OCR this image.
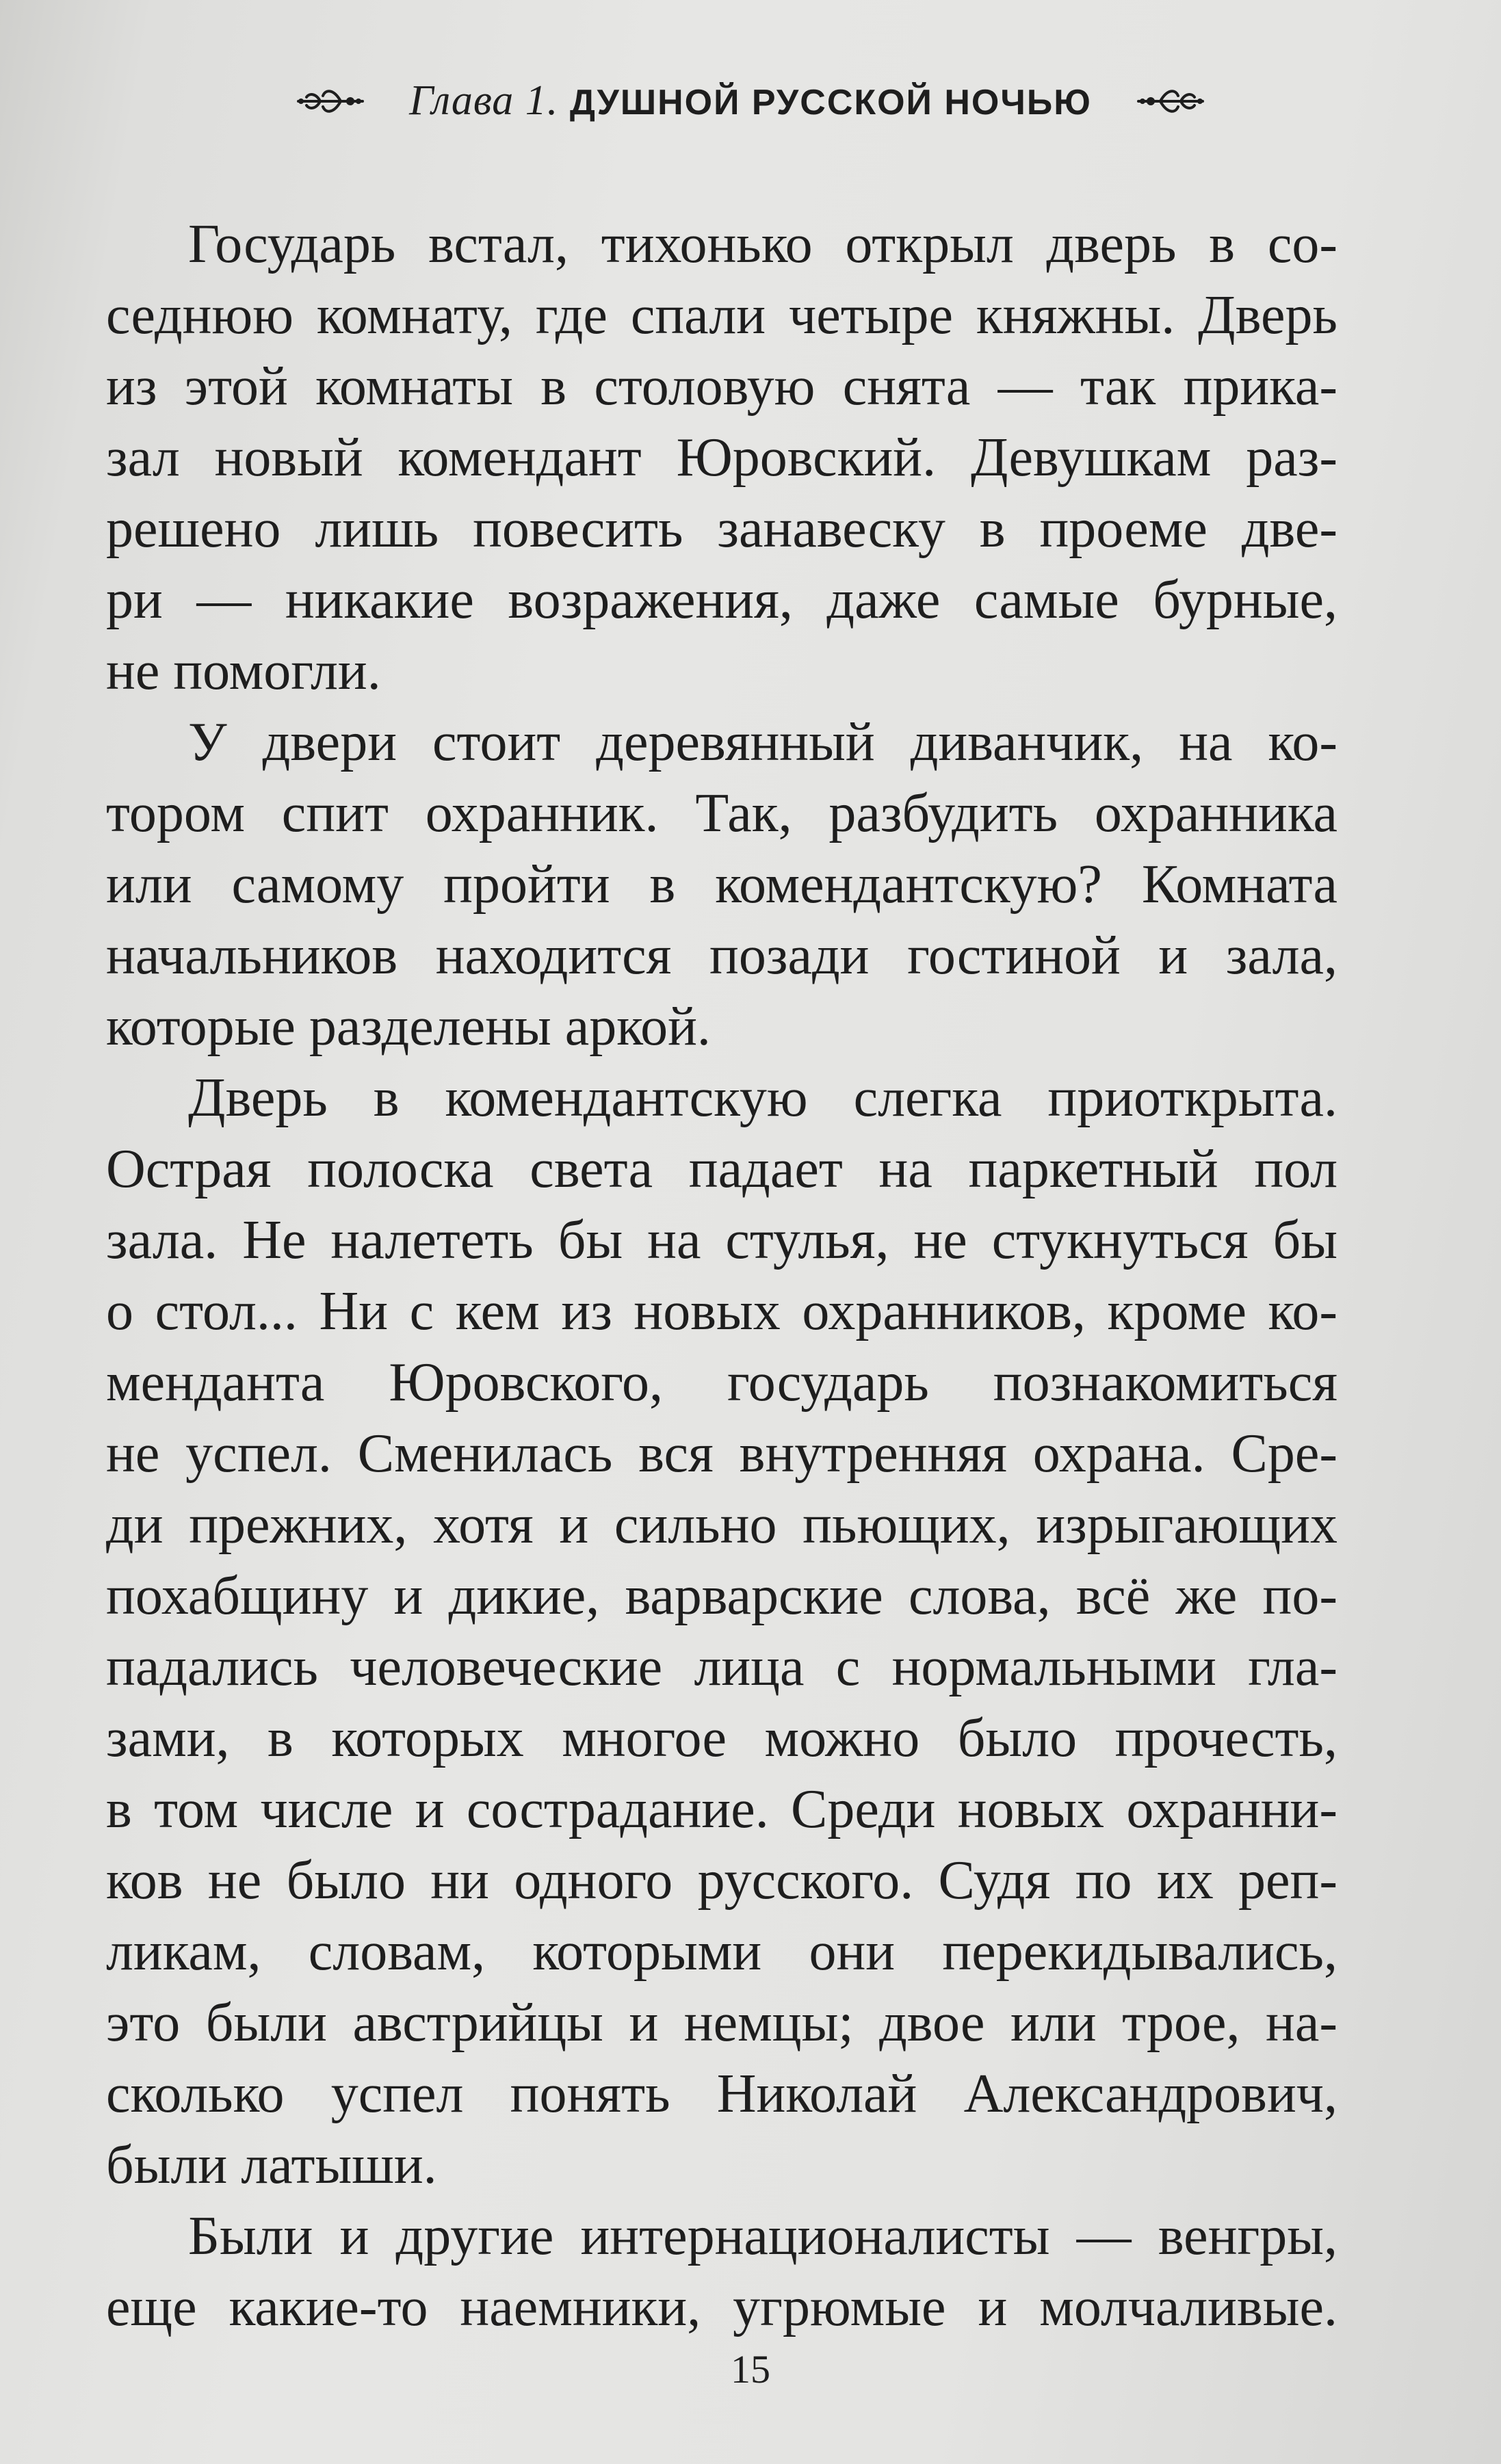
Глава 1. ДУШНОЙ РУССКОЙ НОЧЬЮ
Государь встал, тихонько открыл дверь в со-
седнюю комнату, где спали четыре княжны. Дверь
из этой комнаты в столовую снята — так прика-
зал новый комендант Юровский. Девушкам раз-
решено лишь повесить занавеску в проеме две-
ри — никакие возражения, даже самые бурные,
не помогли.
У двери стоит деревянный диванчик, на ко-
тором спит охранник. Так, разбудить охранника
или самому пройти в комендантскую? Комната
начальников находится позади гостиной и зала,
которые разделены аркой.
Дверь в комендантскую слегка приоткрыта.
Острая полоска света падает на паркетный пол
зала. Не налететь бы на стулья, не стукнуться бы
о стол... Ни с кем из новых охранников, кроме ко-
менданта Юровского, государь познакомиться
не успел. Сменилась вся внутренняя охрана. Сре-
ди прежних, хотя и сильно пьющих, изрыгающих
похабщину и дикие, варварские слова, всё же по-
падались человеческие лица с нормальными гла-
зами, в которых многое можно было прочесть,
в том числе и сострадание. Среди новых охранни-
ков не было ни одного русского. Судя по их реп-
ликам, словам, которыми они перекидывались,
это были австрийцы и немцы; двое или трое, на-
сколько успел понять Николай Александрович,
были латыши.
Были и другие интернационалисты — венгры,
еще какие-то наемники, угрюмые и молчаливые.
15
